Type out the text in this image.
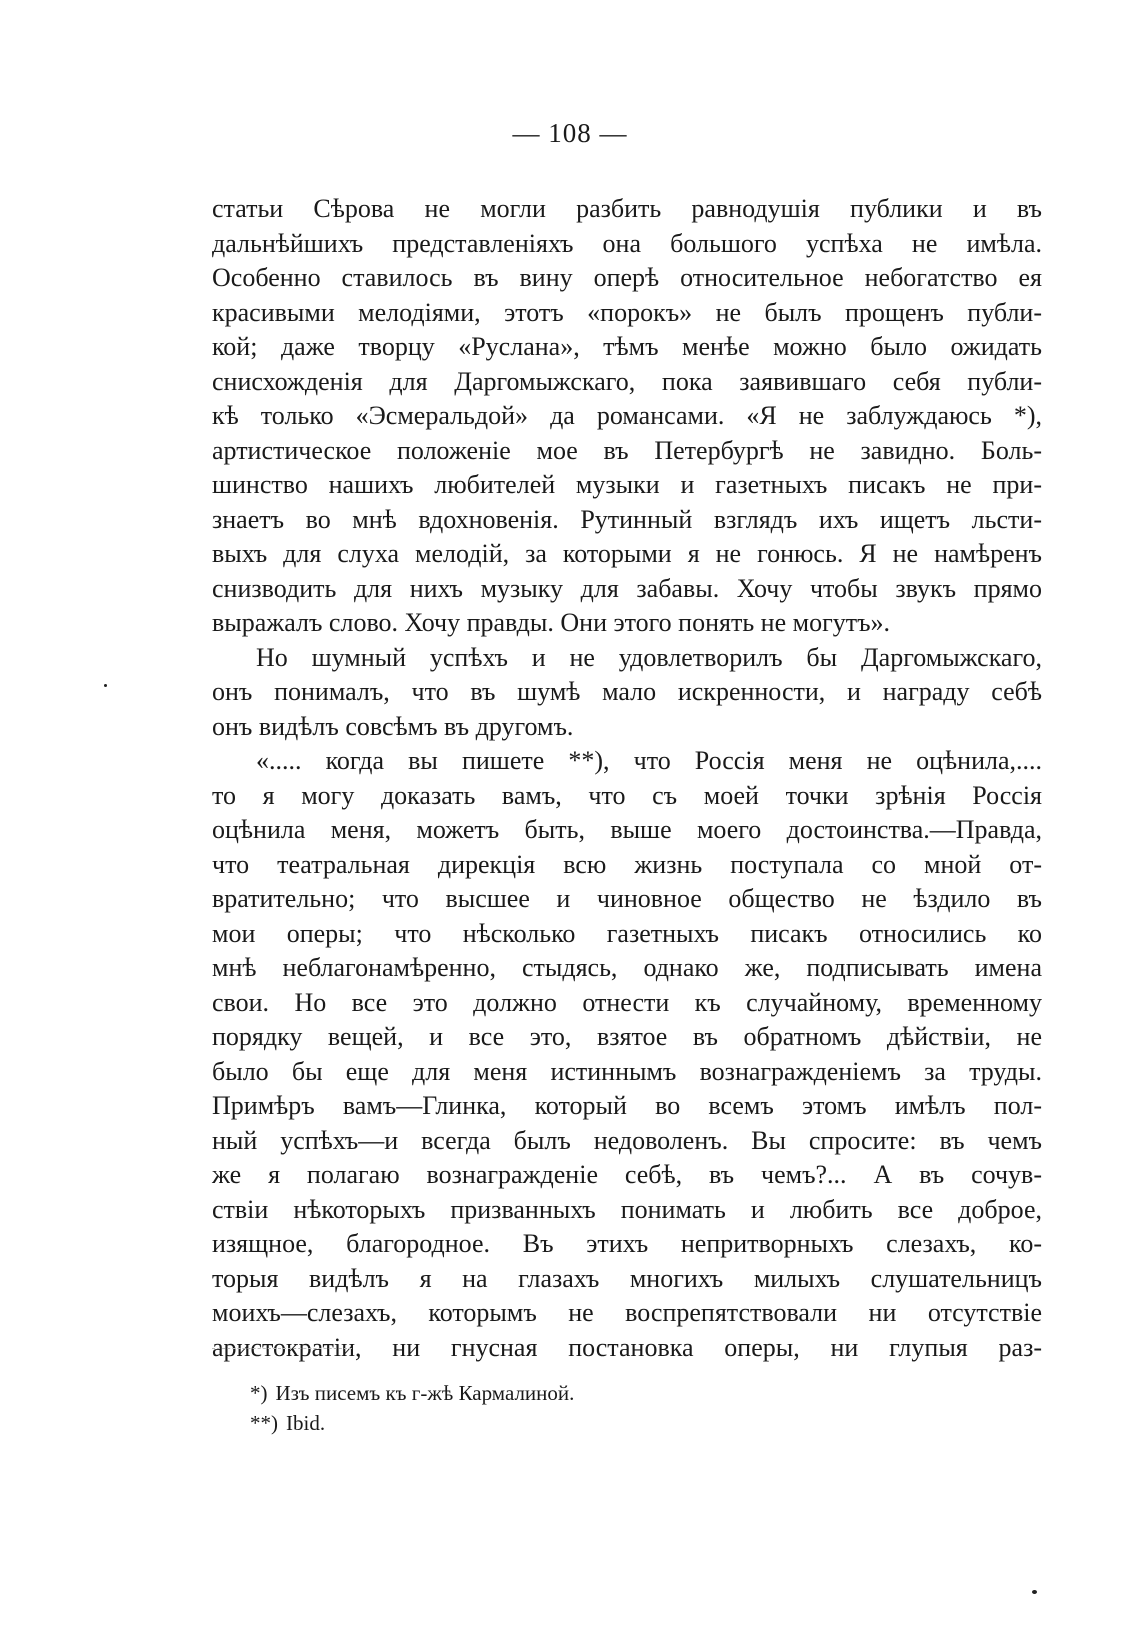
— 108 —
статьи Сѣрова не могли разбить равнодушія публики и въ
дальнѣйшихъ представленіяхъ она большого успѣха не имѣла.
Особенно ставилось въ вину оперѣ относительное небогатство ея
красивыми мелодіями, этотъ «порокъ» не былъ прощенъ публи-
кой; даже творцу «Руслана», тѣмъ менѣе можно было ожидать
снисхожденія для Даргомыжскаго, пока заявившаго себя публи-
кѣ только «Эсмеральдой» да романсами. «Я не заблуждаюсь *),
артистическое положеніе мое въ Петербургѣ не завидно. Боль-
шинство нашихъ любителей музыки и газетныхъ писакъ не при-
знаетъ во мнѣ вдохновенія. Рутинный взглядъ ихъ ищетъ льсти-
выхъ для слуха мелодій, за которыми я не гонюсь. Я не намѣренъ
снизводить для нихъ музыку для забавы. Хочу чтобы звукъ прямо
выражалъ слово. Хочу правды. Они этого понять не могутъ».
Но шумный успѣхъ и не удовлетворилъ бы Даргомыжскаго,
онъ понималъ, что въ шумѣ мало искренности, и награду себѣ
онъ видѣлъ совсѣмъ въ другомъ.
«..... когда вы пишете **), что Россія меня не оцѣнила,....
то я могу доказать вамъ, что съ моей точки зрѣнія Россія
оцѣнила меня, можетъ быть, выше моего достоинства.—Правда,
что театральная дирекція всю жизнь поступала со мной от-
вратительно; что высшее и чиновное общество не ѣздило въ
мои оперы; что нѣсколько газетныхъ писакъ относились ко
мнѣ неблагонамѣренно, стыдясь, однако же, подписывать имена
свои. Но все это должно отнести къ случайному, временному
порядку вещей, и все это, взятое въ обратномъ дѣйствіи, не
было бы еще для меня истиннымъ вознагражденіемъ за труды.
Примѣръ вамъ—Глинка, который во всемъ этомъ имѣлъ пол-
ный успѣхъ—и всегда былъ недоволенъ. Вы спросите: въ чемъ
же я полагаю вознагражденіе себѣ, въ чемъ?... А въ сочув-
ствіи нѣкоторыхъ призванныхъ понимать и любить все доброе,
изящное, благородное. Въ этихъ непритворныхъ слезахъ, ко-
торыя видѣлъ я на глазахъ многихъ милыхъ слушательницъ
моихъ—слезахъ, которымъ не воспрепятствовали ни отсутствіе
аристократіи, ни гнусная постановка оперы, ни глупыя раз-
*) Изъ писемъ къ г-жѣ Кармалиной.
**) Ibid.
